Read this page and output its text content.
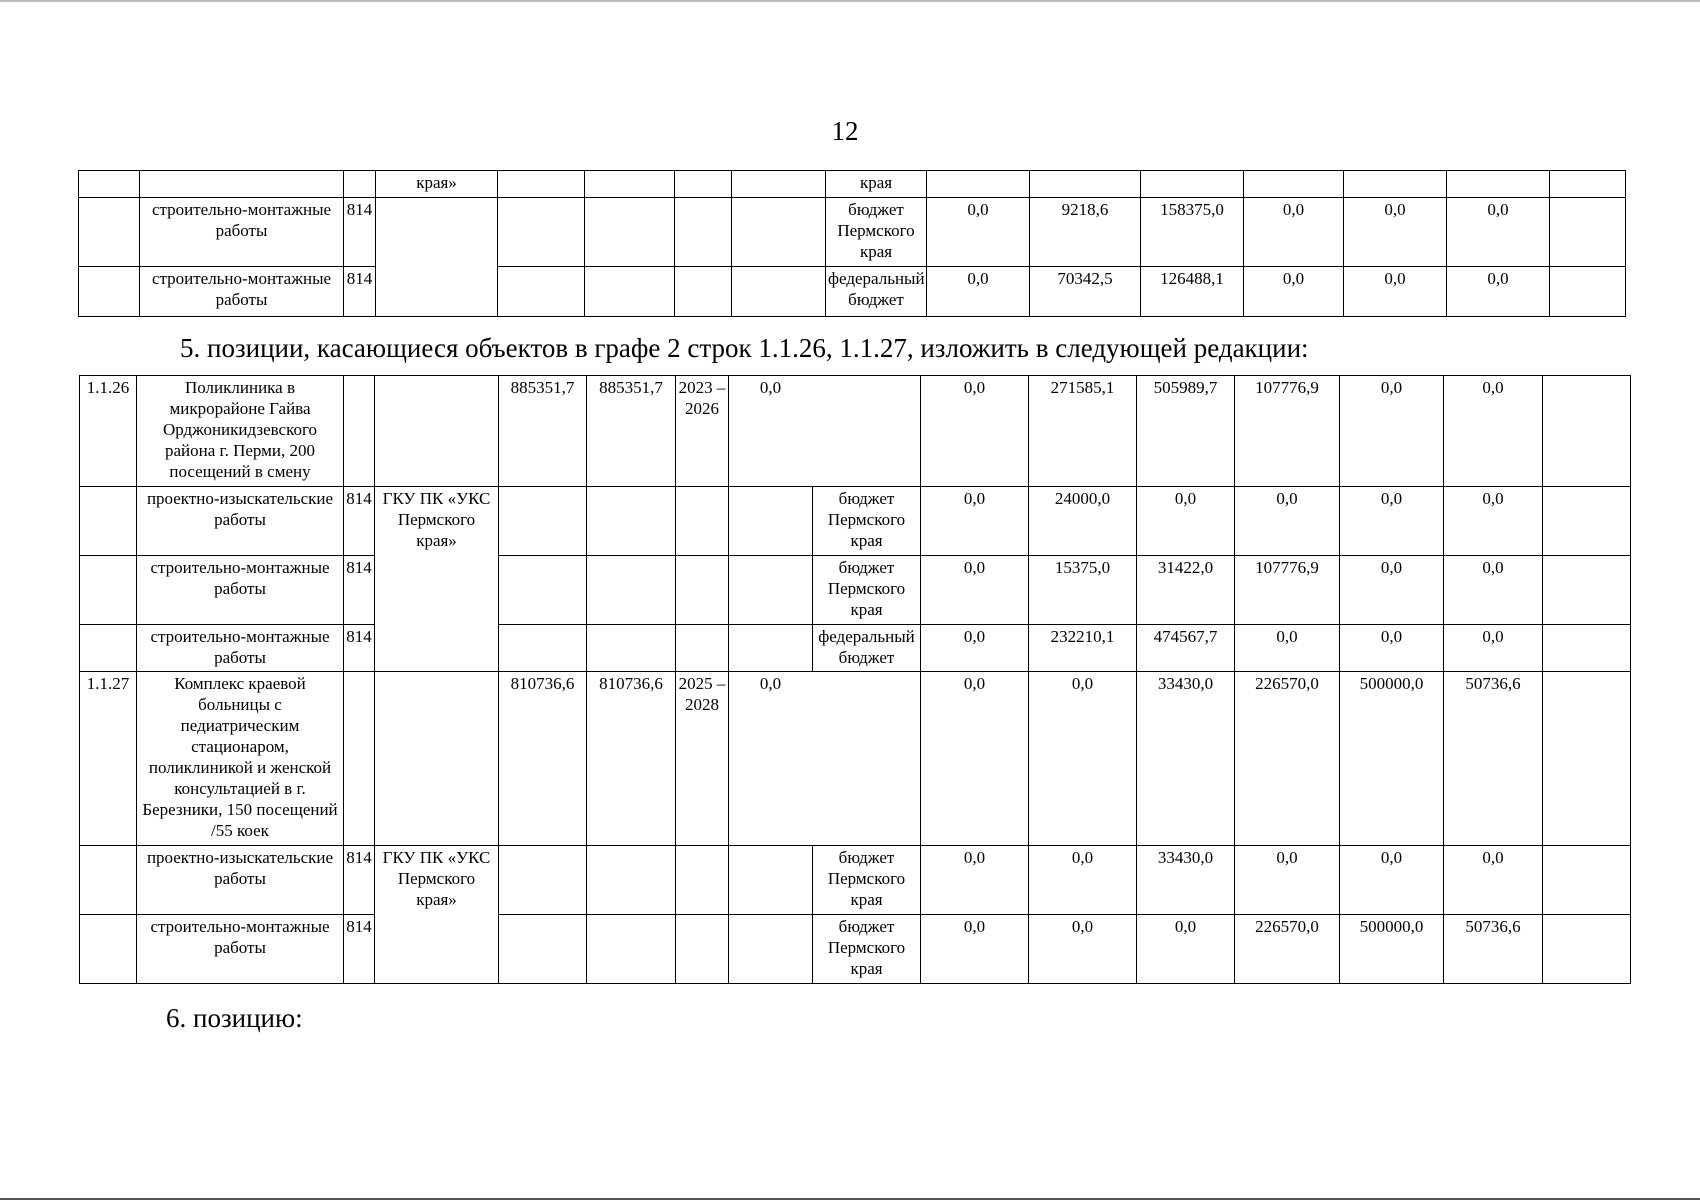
12
			края»					края							
	строительно-монтажные работы	814						бюджет Пермского края	0,0	9218,6	158375,0	0,0	0,0	0,0	
	строительно-монтажные работы	814						федеральный бюджет	0,0	70342,5	126488,1	0,0	0,0	0,0	
5. позиции, касающиеся объектов в графе 2 строк 1.1.26, 1.1.27, изложить в следующей редакции:
1.1.26	Поликлиника в микрорайоне Гайва Орджоникидзевского района г. Перми, 200 посещений в смену			885351,7	885351,7	2023 – 2026	0,0		0,0	271585,1	505989,7	107776,9	0,0	0,0	
	проектно-изыскательские работы	814	ГКУ ПК «УКС Пермского края»					бюджет Пермского края	0,0	24000,0	0,0	0,0	0,0	0,0	
	строительно-монтажные работы	814						бюджет Пермского края	0,0	15375,0	31422,0	107776,9	0,0	0,0	
	строительно-монтажные работы	814						федеральный бюджет	0,0	232210,1	474567,7	0,0	0,0	0,0	
1.1.27	Комплекс краевой больницы с педиатрическим стационаром, поликлиникой и женской консультацией в г. Березники, 150 посещений /55 коек			810736,6	810736,6	2025 – 2028	0,0		0,0	0,0	33430,0	226570,0	500000,0	50736,6	
	проектно-изыскательские работы	814	ГКУ ПК «УКС Пермского края»					бюджет Пермского края	0,0	0,0	33430,0	0,0	0,0	0,0	
	строительно-монтажные работы	814						бюджет Пермского края	0,0	0,0	0,0	226570,0	500000,0	50736,6	
6. позицию:
